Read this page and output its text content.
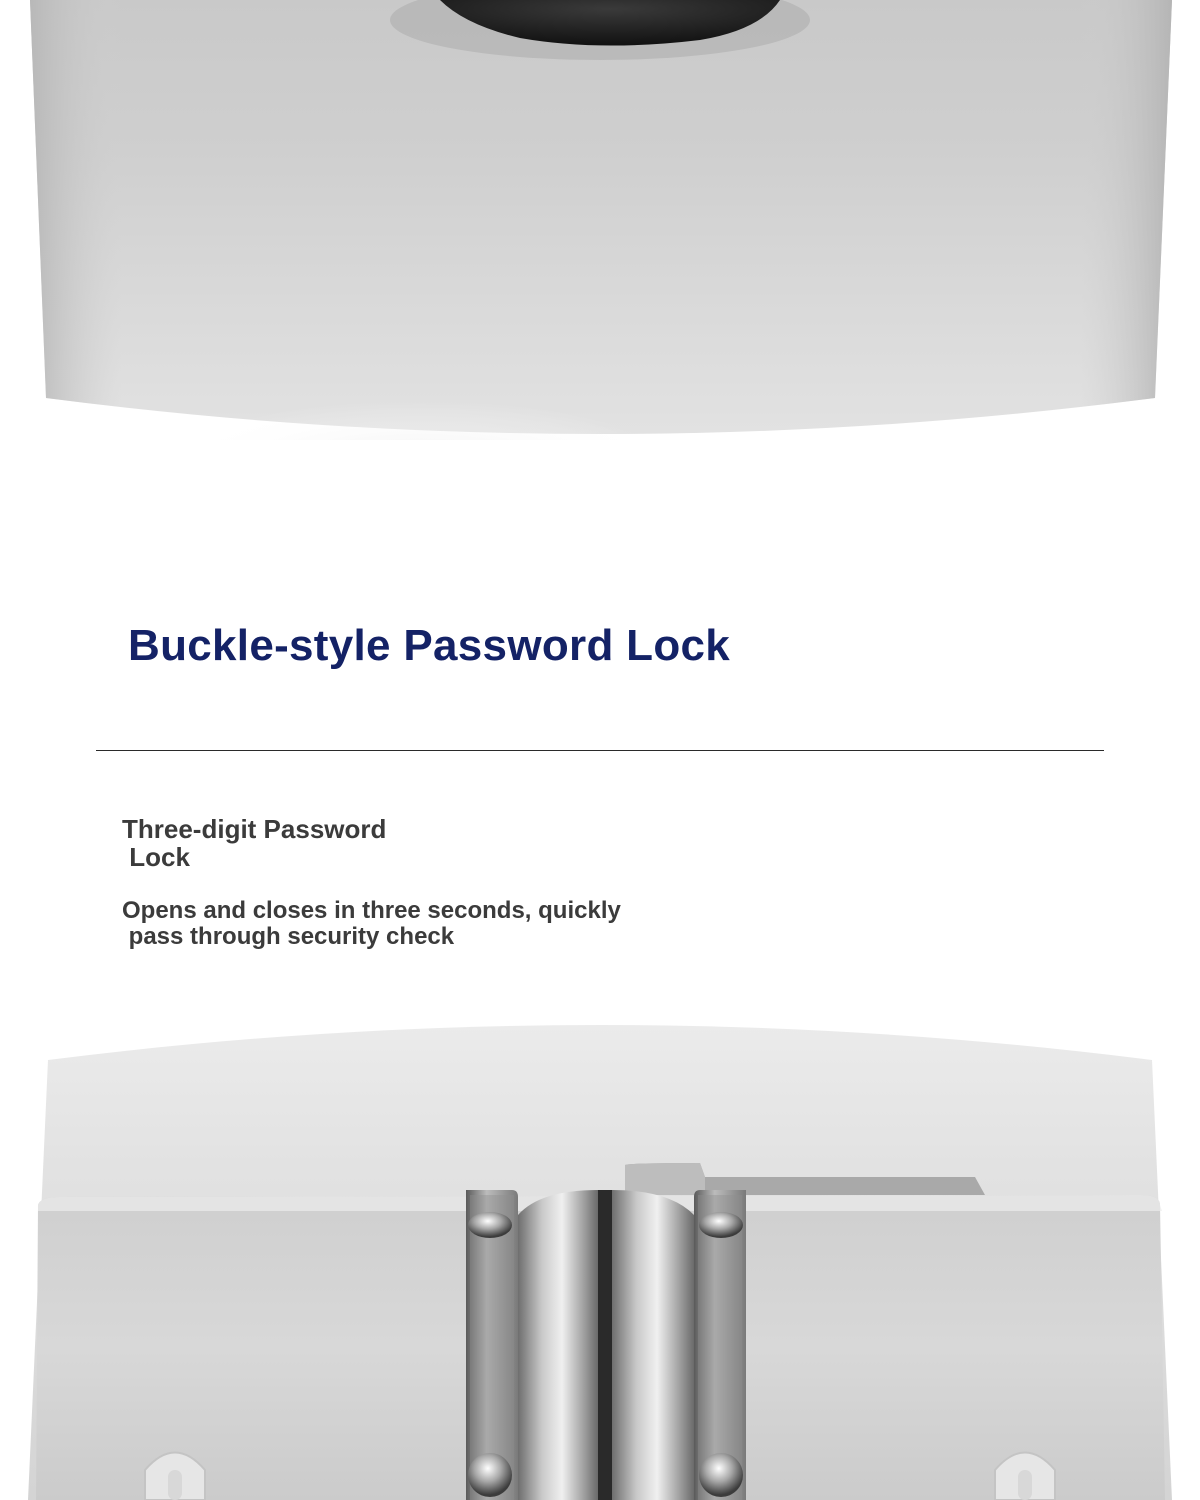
Buckle-style Password Lock

Three-digit Password
Lock

Opens and closes in three seconds, quickly
pass through security check
